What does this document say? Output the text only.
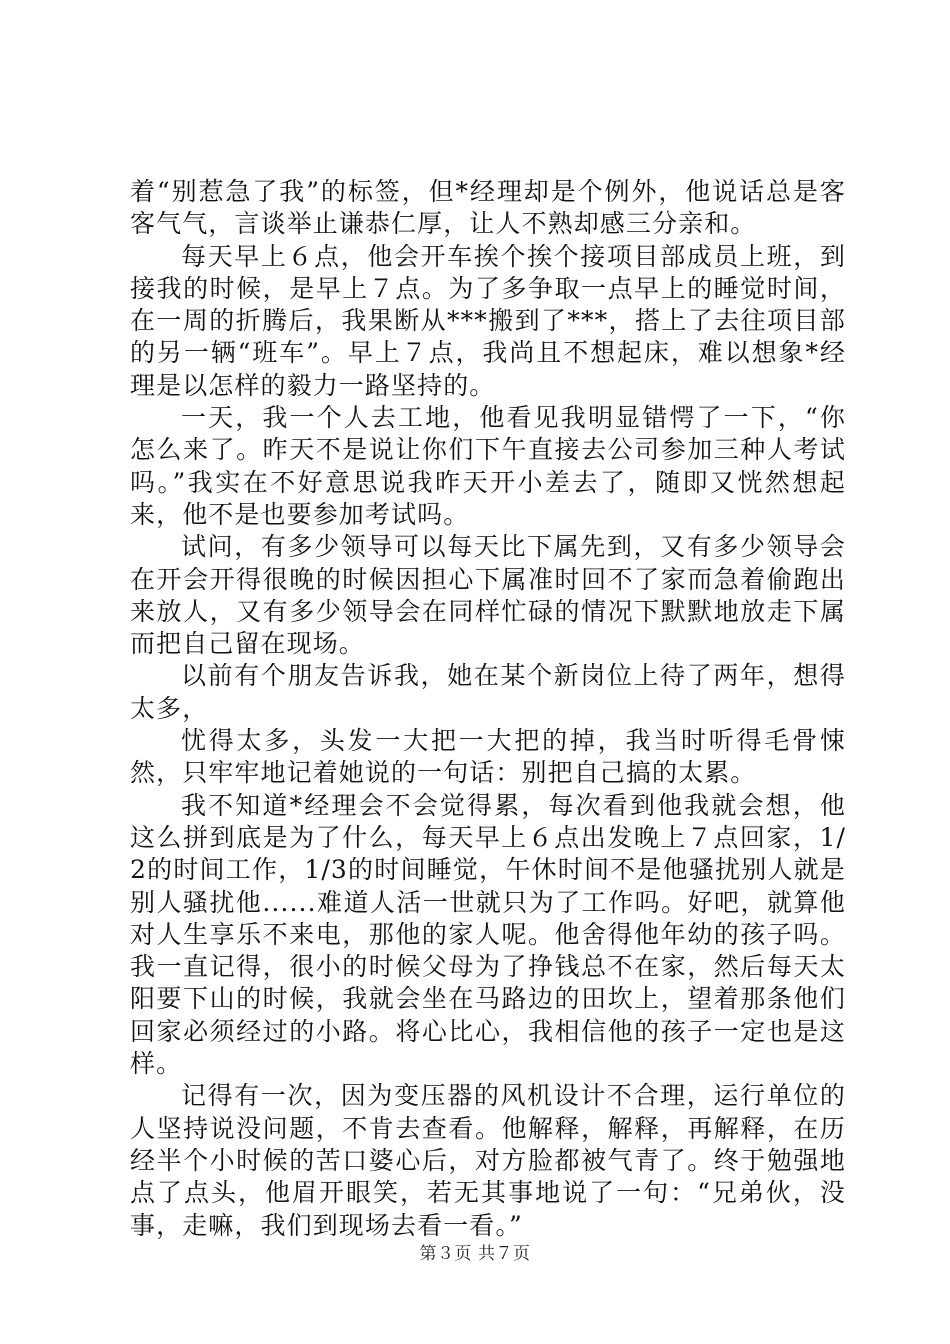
着“别惹急了我”的标签，但*经理却是个例外，他说话总是客客气气，言谈举止谦恭仁厚，让人不熟却感三分亲和。

每天早上６点，他会开车挨个挨个接项目部成员上班，到接我的时候，是早上７点。为了多争取一点早上的睡觉时间，在一周的折腾后，我果断从***搬到了***，搭上了去往项目部的另一辆“班车”。早上７点，我尚且不想起床，难以想象*经理是以怎样的毅力一路坚持的。

一天，我一个人去工地，他看见我明显错愕了一下，“你怎么来了。昨天不是说让你们下午直接去公司参加三种人考试吗。”我实在不好意思说我昨天开小差去了，随即又恍然想起来，他不是也要参加考试吗。

试问，有多少领导可以每天比下属先到，又有多少领导会在开会开得很晚的时候因担心下属准时回不了家而急着偷跑出来放人，又有多少领导会在同样忙碌的情况下默默地放走下属而把自己留在现场。

以前有个朋友告诉我，她在某个新岗位上待了两年，想得太多，

忧得太多，头发一大把一大把的掉，我当时听得毛骨悚然，只牢牢地记着她说的一句话：别把自己搞的太累。

我不知道*经理会不会觉得累，每次看到他我就会想，他这么拼到底是为了什么，每天早上６点出发晚上７点回家，1/2的时间工作，1/3的时间睡觉，午休时间不是他骚扰别人就是别人骚扰他......难道人活一世就只为了工作吗。好吧，就算他对人生享乐不来电，那他的家人呢。他舍得他年幼的孩子吗。我一直记得，很小的时候父母为了挣钱总不在家，然后每天太阳要下山的时候，我就会坐在马路边的田坎上，望着那条他们回家必须经过的小路。将心比心，我相信他的孩子一定也是这样。

记得有一次，因为变压器的风机设计不合理，运行单位的人坚持说没问题，不肯去查看。他解释，解释，再解释，在历经半个小时候的苦口婆心后，对方脸都被气青了。终于勉强地点了点头，他眉开眼笑，若无其事地说了一句：“兄弟伙，没事，走嘛，我们到现场去看一看。”

第３页 共７页
